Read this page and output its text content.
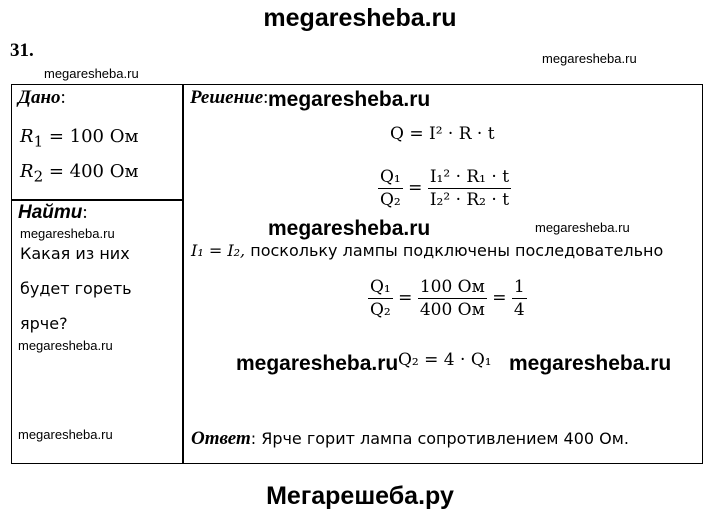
megaresheba.ru
31.
megaresheba.ru
megaresheba.ru
Дано:
$R_1 = 100$ Ом
$R_2 = 400$ Ом
Найти:
megaresheba.ru
Какая из них
будет гореть
ярче?
megaresheba.ru
megaresheba.ru
Решение: megaresheba.ru
Q = I² · R · t
$\frac{\text{Q₁}}{\text{Q₂}} = \frac{\text{I₁² · R₁ · t}}{\text{I₂² · R₂ · t}}$
megaresheba.ru	megaresheba.ru
I₁ = I₂, поскольку лампы подключены последовательно
$\frac{\text{Q₁}}{\text{Q₂}} = \frac{100 Ом}{400 Ом} = \frac{1}{4}$
Q₂ = 4 · Q₁
megaresheba.ru	megaresheba.ru
Ответ: Ярче горит лампа сопротивлением 400 Ом.
Мегарешеба.ру
